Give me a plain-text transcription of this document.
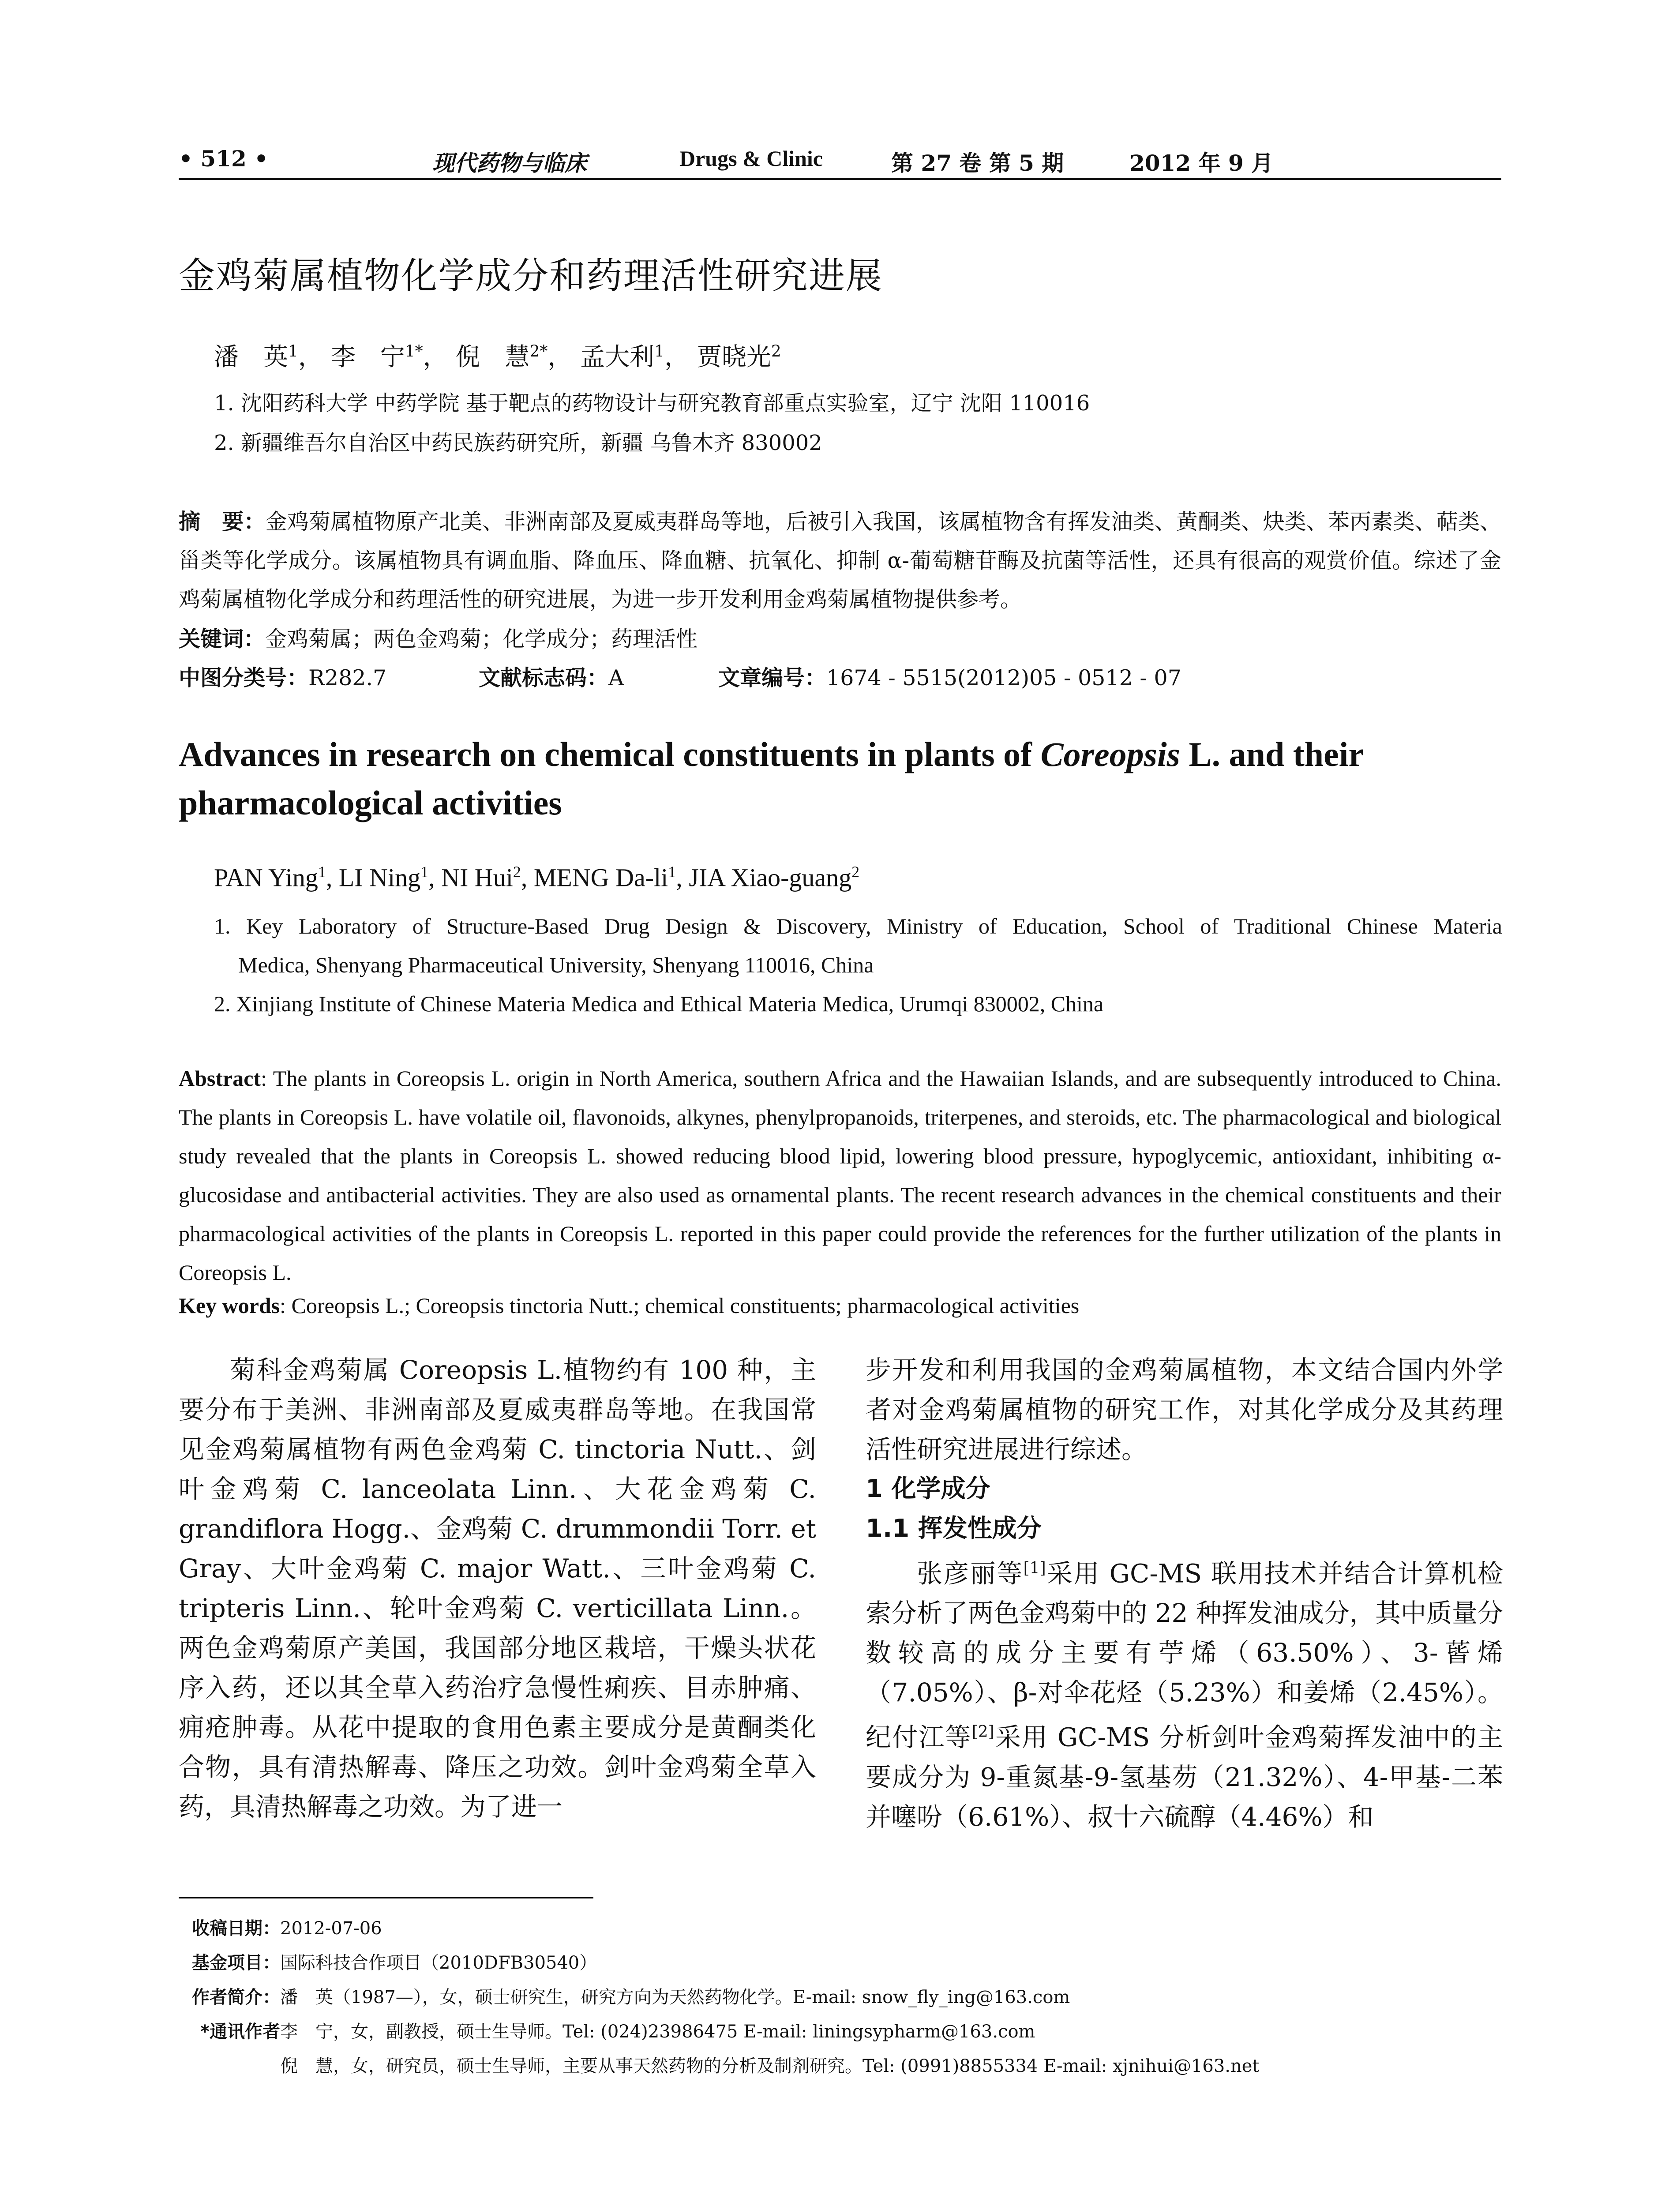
• 512 •	现代药物与临床	Drugs & Clinic	第 27 卷 第 5 期	2012 年 9 月
金鸡菊属植物化学成分和药理活性研究进展
潘　英$^1$， 李　宁$^{1*}$， 倪　慧$^{2*}$， 孟大利$^1$， 贾晓光$^2$
1. 沈阳药科大学 中药学院 基于靶点的药物设计与研究教育部重点实验室，辽宁 沈阳 110016
2. 新疆维吾尔自治区中药民族药研究所，新疆 乌鲁木齐 830002
摘　要：金鸡菊属植物原产北美、非洲南部及夏威夷群岛等地，后被引入我国，该属植物含有挥发油类、黄酮类、炔类、苯丙素类、萜类、甾类等化学成分。该属植物具有调血脂、降血压、降血糖、抗氧化、抑制 α-葡萄糖苷酶及抗菌等活性，还具有很高的观赏价值。综述了金鸡菊属植物化学成分和药理活性的研究进展，为进一步开发利用金鸡菊属植物提供参考。
关键词：金鸡菊属；两色金鸡菊；化学成分；药理活性
中图分类号：R282.7	文献标志码：A	文章编号：1674 - 5515(2012)05 - 0512 - 07
Advances in research on chemical constituents in plants of Coreopsis L. and their pharmacological activities
PAN Ying$^1$, LI Ning$^1$, NI Hui$^2$, MENG $Da-li^1$, JIA Xiao-guang$^2$
1. Key Laboratory of Structure-Based Drug Design & Discovery, Ministry of Education, School of Traditional Chinese Materia
Medica, Shenyang Pharmaceutical University, Shenyang 110016, China
2. Xinjiang Institute of Chinese Materia Medica and Ethical Materia Medica, Urumqi 830002, China
Abstract: The plants in Coreopsis L. origin in North America, southern Africa and the Hawaiian Islands, and are subsequently introduced to China. The plants in Coreopsis L. have volatile oil, flavonoids, alkynes, phenylpropanoids, triterpenes, and steroids, etc. The pharmacological and biological study revealed that the plants in Coreopsis L. showed reducing blood lipid, lowering blood pressure, hypoglycemic, antioxidant, inhibiting α-glucosidase and antibacterial activities. They are also used as ornamental plants. The recent research advances in the chemical constituents and their pharmacological activities of the plants in Coreopsis L. reported in this paper could provide the references for the further utilization of the plants in Coreopsis L.
Key words: Coreopsis L.; Coreopsis tinctoria Nutt.; chemical constituents; pharmacological activities

菊科金鸡菊属 Coreopsis L.植物约有 100 种，主要分布于美洲、非洲南部及夏威夷群岛等地。在我国常见金鸡菊属植物有两色金鸡菊 C. tinctoria Nutt.、剑叶金鸡菊 C. lanceolata Linn.、大花金鸡菊 C. grandiflora Hogg.、金鸡菊 C. drummondii Torr. et Gray、大叶金鸡菊 C. major Watt.、三叶金鸡菊 C. tripteris Linn.、轮叶金鸡菊 C. verticillata Linn.。两色金鸡菊原产美国，我国部分地区栽培，干燥头状花序入药，还以其全草入药治疗急慢性痢疾、目赤肿痛、痈疮肿毒。从花中提取的食用色素主要成分是黄酮类化合物，具有清热解毒、降压之功效。剑叶金鸡菊全草入药，具清热解毒之功效。为了进一

步开发和利用我国的金鸡菊属植物，本文结合国内外学者对金鸡菊属植物的研究工作，对其化学成分及其药理活性研究进展进行综述。

1 化学成分
1.1 挥发性成分

张彦丽等[1]采用 GC-MS 联用技术并结合计算机检索分析了两色金鸡菊中的 22 种挥发油成分，其中质量分数较高的成分主要有苧烯（63.50%）、3-蒈烯（7.05%）、β-对伞花烃（5.23%）和姜烯（2.45%）。纪付江等[2]采用 GC-MS 分析剑叶金鸡菊挥发油中的主要成分为 9-重氮基-9-氢基芴（21.32%）、4-甲基-二苯并噻吩（6.61%）、叔十六硫醇（4.46%）和

收稿日期：2012-07-06
基金项目：国际科技合作项目（2010DFB30540）
作者简介：潘　英（1987—），女，硕士研究生，研究方向为天然药物化学。E-mail: snow_fly_ing@163.com
*通讯作者李　宁，女，副教授，硕士生导师。Tel: (024)23986475 E-mail: liningsypharm@163.com
倪　慧，女，研究员，硕士生导师，主要从事天然药物的分析及制剂研究。Tel: (0991)8855334 E-mail: xjnihui@163.net
